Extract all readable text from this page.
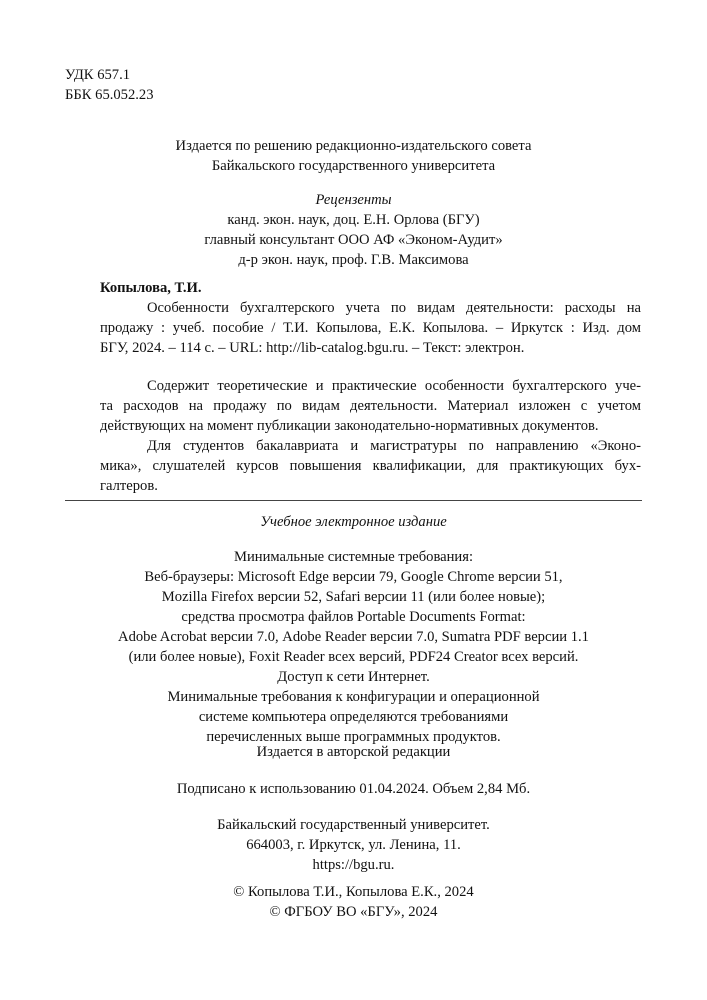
УДК 657.1
ББК 65.052.23
Издается по решению редакционно-издательского совета
Байкальского государственного университета
Рецензенты
канд. экон. наук, доц. Е.Н. Орлова (БГУ)
главный консультант ООО АФ «Эконом-Аудит»
д-р экон. наук, проф. Г.В. Максимова
Копылова, Т.И.
Особенности бухгалтерского учета по видам деятельности: расходы на
продажу : учеб. пособие / Т.И. Копылова, Е.К. Копылова. – Иркутск : Изд. дом
БГУ, 2024. – 114 с. – URL: http://lib-catalog.bgu.ru. – Текст: электрон.
Содержит теоретические и практические особенности бухгалтерского уче-
та расходов на продажу по видам деятельности. Материал изложен с учетом
действующих на момент публикации законодательно-нормативных документов.
Для студентов бакалавриата и магистратуры по направлению «Эконо-
мика», слушателей курсов повышения квалификации, для практикующих бух-
галтеров.
Учебное электронное издание
Минимальные системные требования:
Веб-браузеры: Microsoft Edge версии 79, Google Chrome версии 51,
Mozilla Firefox версии 52, Safari версии 11 (или более новые);
средства просмотра файлов Portable Documents Format:
Adobe Acrobat версии 7.0, Adobe Reader версии 7.0, Sumatra PDF версии 1.1
(или более новые), Foxit Reader всех версий, PDF24 Creator всех версий.
Доступ к сети Интернет.
Минимальные требования к конфигурации и операционной
системе компьютера определяются требованиями
перечисленных выше программных продуктов.
Издается в авторской редакции
Подписано к использованию 01.04.2024. Объем 2,84 Мб.
Байкальский государственный университет.
664003, г. Иркутск, ул. Ленина, 11.
https://bgu.ru.
© Копылова Т.И., Копылова Е.К., 2024
© ФГБОУ ВО «БГУ», 2024
